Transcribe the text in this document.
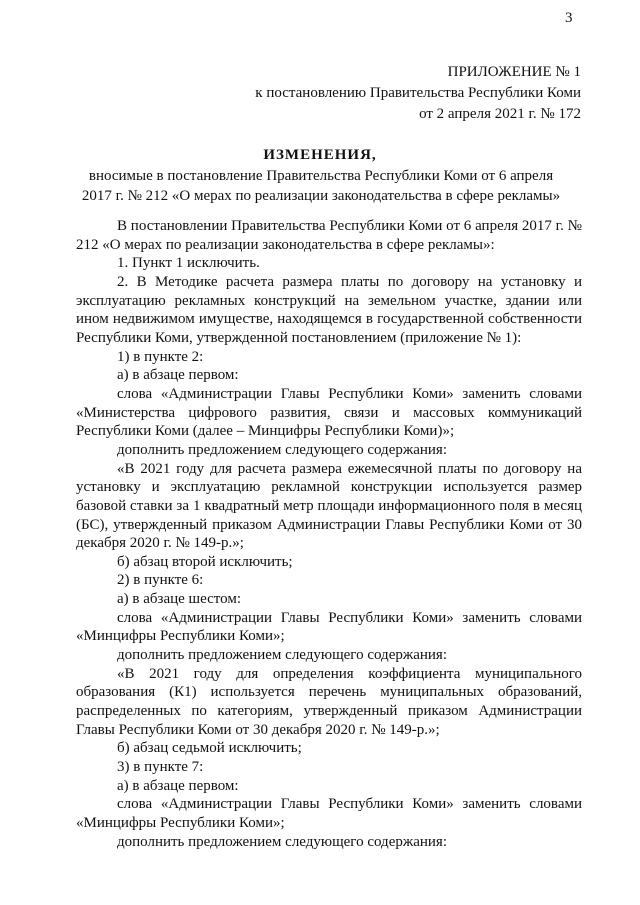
3
ПРИЛОЖЕНИЕ № 1
к постановлению Правительства Республики Коми
от 2 апреля 2021 г. № 172
ИЗМЕНЕНИЯ,
вносимые в постановление Правительства Республики Коми от 6 апреля
2017 г. № 212 «О мерах по реализации законодательства в сфере рекламы»

В постановлении Правительства Республики Коми от 6 апреля 2017 г. № 212 «О мерах по реализации законодательства в сфере рекламы»:

1. Пункт 1 исключить.

2. В Методике расчета размера платы по договору на установку и эксплуатацию рекламных конструкций на земельном участке, здании или ином недвижимом имуществе, находящемся в государственной собственности Республики Коми, утвержденной постановлением (приложение № 1):

1) в пункте 2:

а) в абзаце первом:

слова «Администрации Главы Республики Коми» заменить словами «Министерства цифрового развития, связи и массовых коммуникаций Республики Коми (далее – Минцифры Республики Коми)»;

дополнить предложением следующего содержания:

«В 2021 году для расчета размера ежемесячной платы по договору на установку и эксплуатацию рекламной конструкции используется размер базовой ставки за 1 квадратный метр площади информационного поля в месяц (БС), утвержденный приказом Администрации Главы Республики Коми от 30 декабря 2020 г. № 149-р.»;

б) абзац второй исключить;

2) в пункте 6:

а) в абзаце шестом:

слова «Администрации Главы Республики Коми» заменить словами «Минцифры Республики Коми»;

дополнить предложением следующего содержания:

«В 2021 году для определения коэффициента муниципального образования (К1) используется перечень муниципальных образований, распределенных по категориям, утвержденный приказом Администрации Главы Республики Коми от 30 декабря 2020 г. № 149-р.»;

б) абзац седьмой исключить;

3) в пункте 7:

а) в абзаце первом:

слова «Администрации Главы Республики Коми» заменить словами «Минцифры Республики Коми»;

дополнить предложением следующего содержания:
